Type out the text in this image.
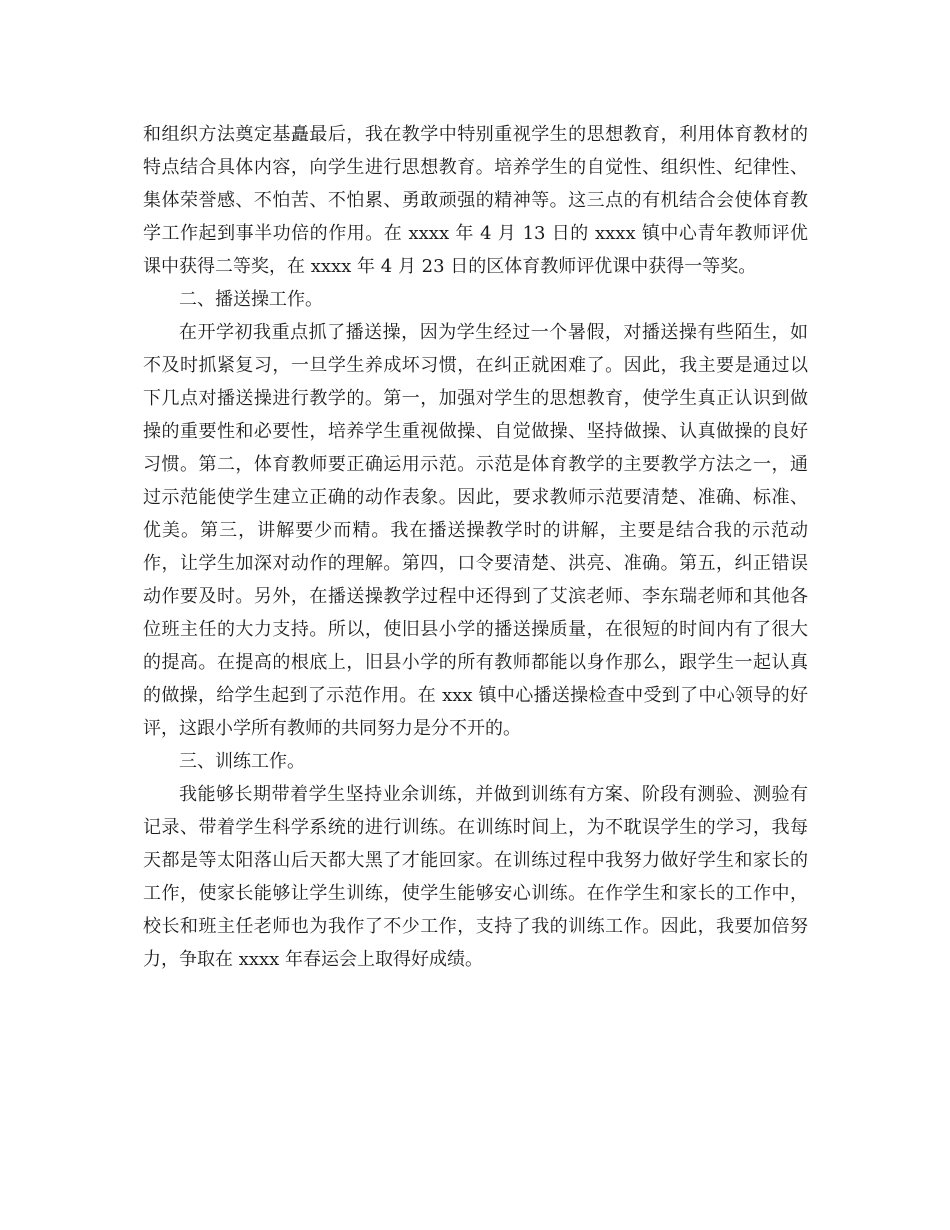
和组织方法奠定基矗最后，我在教学中特别重视学生的思想教育，利用体育教材的特点结合具体内容，向学生进行思想教育。培养学生的自觉性、组织性、纪律性、集体荣誉感、不怕苦、不怕累、勇敢顽强的精神等。这三点的有机结合会使体育教学工作起到事半功倍的作用。在 xxxx 年 4 月 13 日的 xxxx 镇中心青年教师评优课中获得二等奖，在 xxxx 年 4 月 23 日的区体育教师评优课中获得一等奖。

二、播送操工作。

在开学初我重点抓了播送操，因为学生经过一个暑假，对播送操有些陌生，如不及时抓紧复习，一旦学生养成坏习惯，在纠正就困难了。因此，我主要是通过以下几点对播送操进行教学的。第一，加强对学生的思想教育，使学生真正认识到做操的重要性和必要性，培养学生重视做操、自觉做操、坚持做操、认真做操的良好习惯。第二，体育教师要正确运用示范。示范是体育教学的主要教学方法之一，通过示范能使学生建立正确的动作表象。因此，要求教师示范要清楚、准确、标准、优美。第三，讲解要少而精。我在播送操教学时的讲解，主要是结合我的示范动作，让学生加深对动作的理解。第四，口令要清楚、洪亮、准确。第五，纠正错误动作要及时。另外，在播送操教学过程中还得到了艾滨老师、李东瑞老师和其他各位班主任的大力支持。所以，使旧县小学的播送操质量，在很短的时间内有了很大的提高。在提高的根底上，旧县小学的所有教师都能以身作那么，跟学生一起认真的做操，给学生起到了示范作用。在 xxx 镇中心播送操检查中受到了中心领导的好评，这跟小学所有教师的共同努力是分不开的。

三、训练工作。

我能够长期带着学生坚持业余训练，并做到训练有方案、阶段有测验、测验有记录、带着学生科学系统的进行训练。在训练时间上，为不耽误学生的学习，我每天都是等太阳落山后天都大黑了才能回家。在训练过程中我努力做好学生和家长的工作，使家长能够让学生训练，使学生能够安心训练。在作学生和家长的工作中，校长和班主任老师也为我作了不少工作，支持了我的训练工作。因此，我要加倍努力，争取在 xxxx 年春运会上取得好成绩。
